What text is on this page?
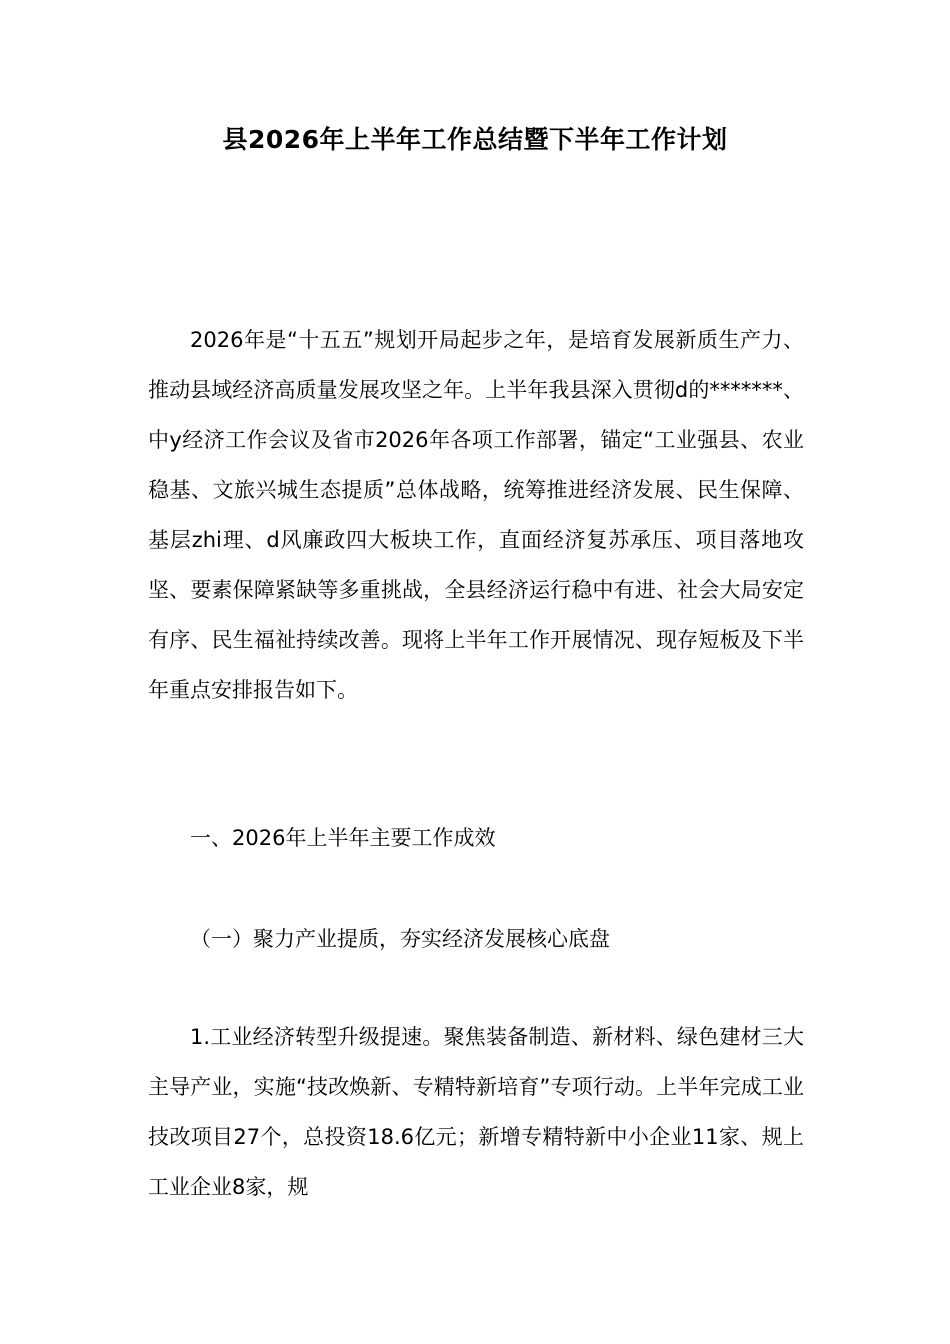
县2026年上半年工作总结暨下半年工作计划

2026年是“十五五”规划开局起步之年，是培育发展新质生产力、推动县域经济高质量发展攻坚之年。上半年我县深入贯彻d的*******、中y经济工作会议及省市2026年各项工作部署，锚定“工业强县、农业稳基、文旅兴城生态提质”总体战略，统筹推进经济发展、民生保障、基层zhi理、d风廉政四大板块工作，直面经济复苏承压、项目落地攻坚、要素保障紧缺等多重挑战，全县经济运行稳中有进、社会大局安定有序、民生福祉持续改善。现将上半年工作开展情况、现存短板及下半年重点安排报告如下。

一、2026年上半年主要工作成效

（一）聚力产业提质，夯实经济发展核心底盘

1.工业经济转型升级提速。聚焦装备制造、新材料、绿色建材三大主导产业，实施“技改焕新、专精特新培育”专项行动。上半年完成工业技改项目27个，总投资18.6亿元；新增专精特新中小企业11家、规上工业企业8家，规
